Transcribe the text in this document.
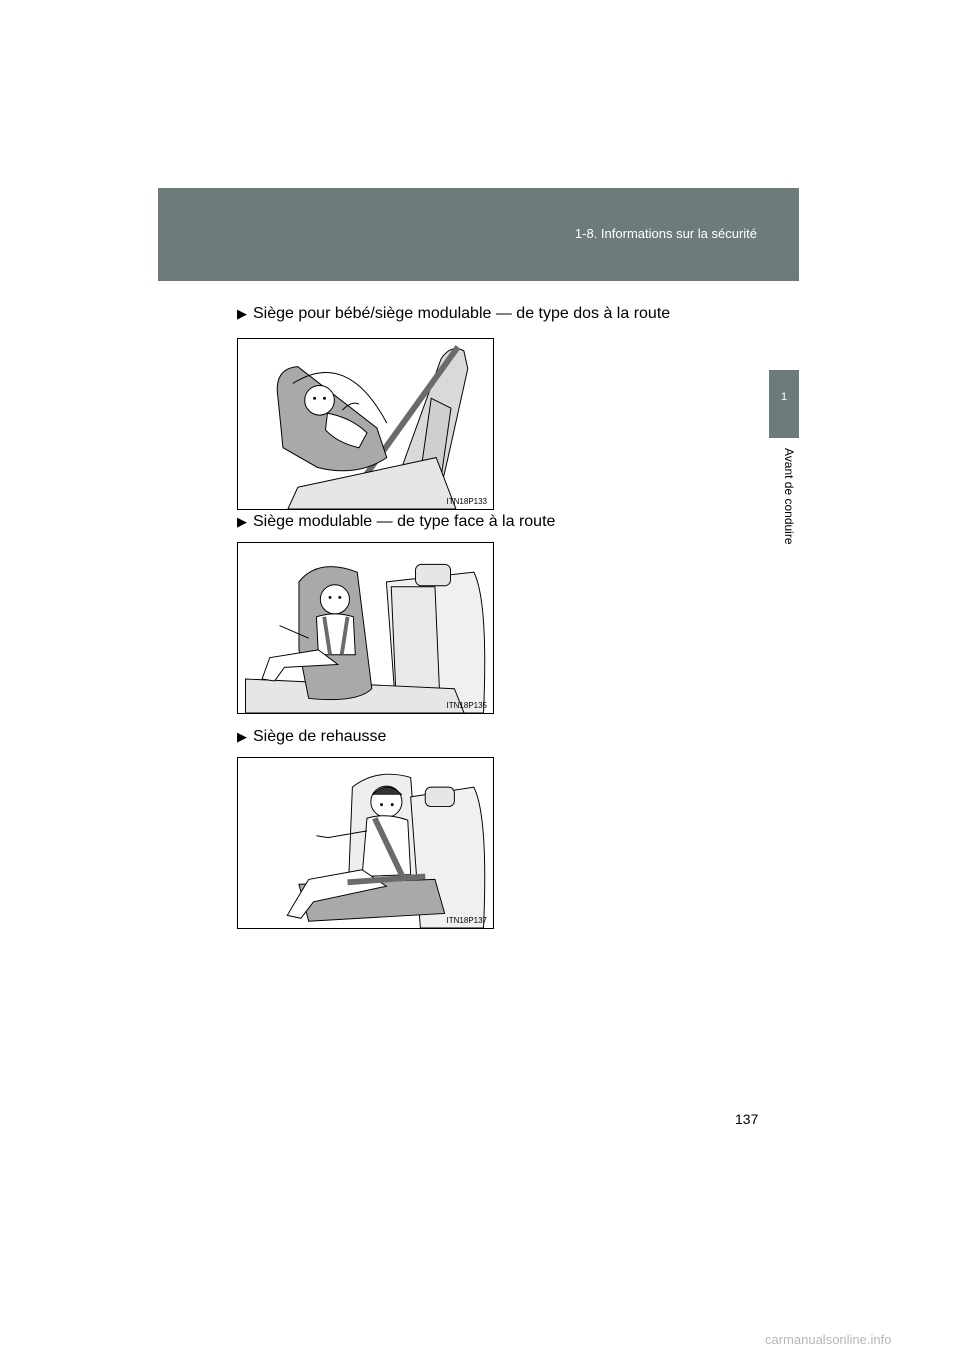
1-8. Informations sur la sécurité
1
Avant de conduire
▶ Siège pour bébé/siège modulable — de type dos à la route
ITN18P133
▶ Siège modulable — de type face à la route
ITN18P135
▶ Siège de rehausse
ITN18P137
137
carmanualsonline.info
